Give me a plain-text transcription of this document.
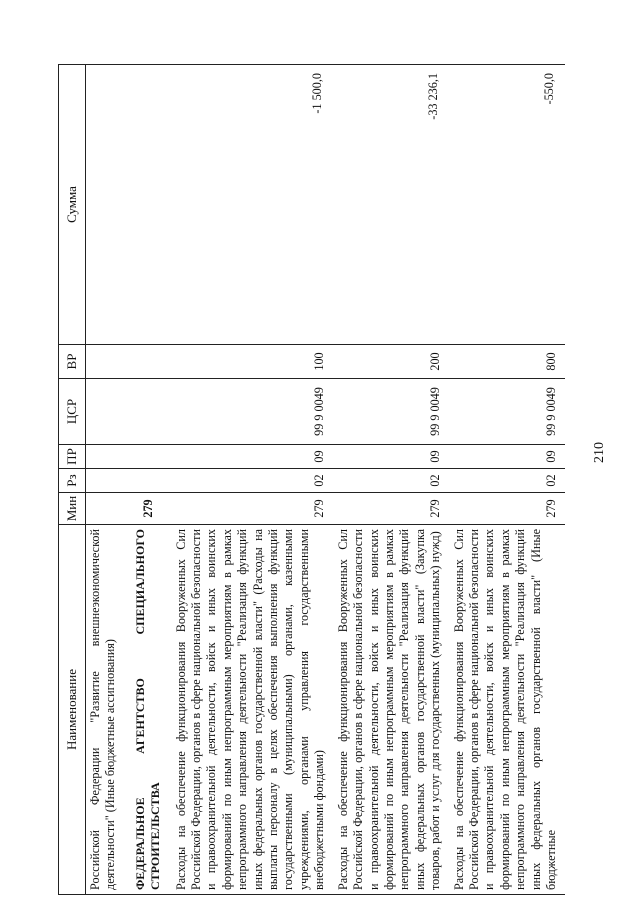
Наименование	Мин	Рз	ПР	ЦСР	ВР	Сумма
Российской Федерации "Развитие внешнеэкономической деятельности" (Иные бюджетные ассигнования)						
ФЕДЕРАЛЬНОЕ АГЕНТСТВО СПЕЦИАЛЬНОГО СТРОИТЕЛЬСТВА	279					
Расходы на обеспечение функционирования Вооруженных Сил Российской Федерации, органов в сфере национальной безопасности и правоохранительной деятельности, войск и иных воинских формирований по иным непрограммным мероприятиям в рамках непрограммного направления деятельности "Реализация функций иных федеральных органов государственной власти" (Расходы на выплаты персоналу в целях обеспечения выполнения функций государственными (муниципальными) органами, казенными учреждениями, органами управления государственными внебюджетными фондами)	279	02	09	99 9 0049	100	-1 500,0
Расходы на обеспечение функционирования Вооруженных Сил Российской Федерации, органов в сфере национальной безопасности и правоохранительной деятельности, войск и иных воинских формирований по иным непрограммным мероприятиям в рамках непрограммного направления деятельности "Реализация функций иных федеральных органов государственной власти" (Закупка товаров, работ и услуг для государственных (муниципальных) нужд)	279	02	09	99 9 0049	200	-33 236,1
Расходы на обеспечение функционирования Вооруженных Сил Российской Федерации, органов в сфере национальной безопасности и правоохранительной деятельности, войск и иных воинских формирований по иным непрограммным мероприятиям в рамках непрограммного направления деятельности "Реализация функций иных федеральных органов государственной власти" (Иные бюджетные	279	02	09	99 9 0049	800	-550,0
210
